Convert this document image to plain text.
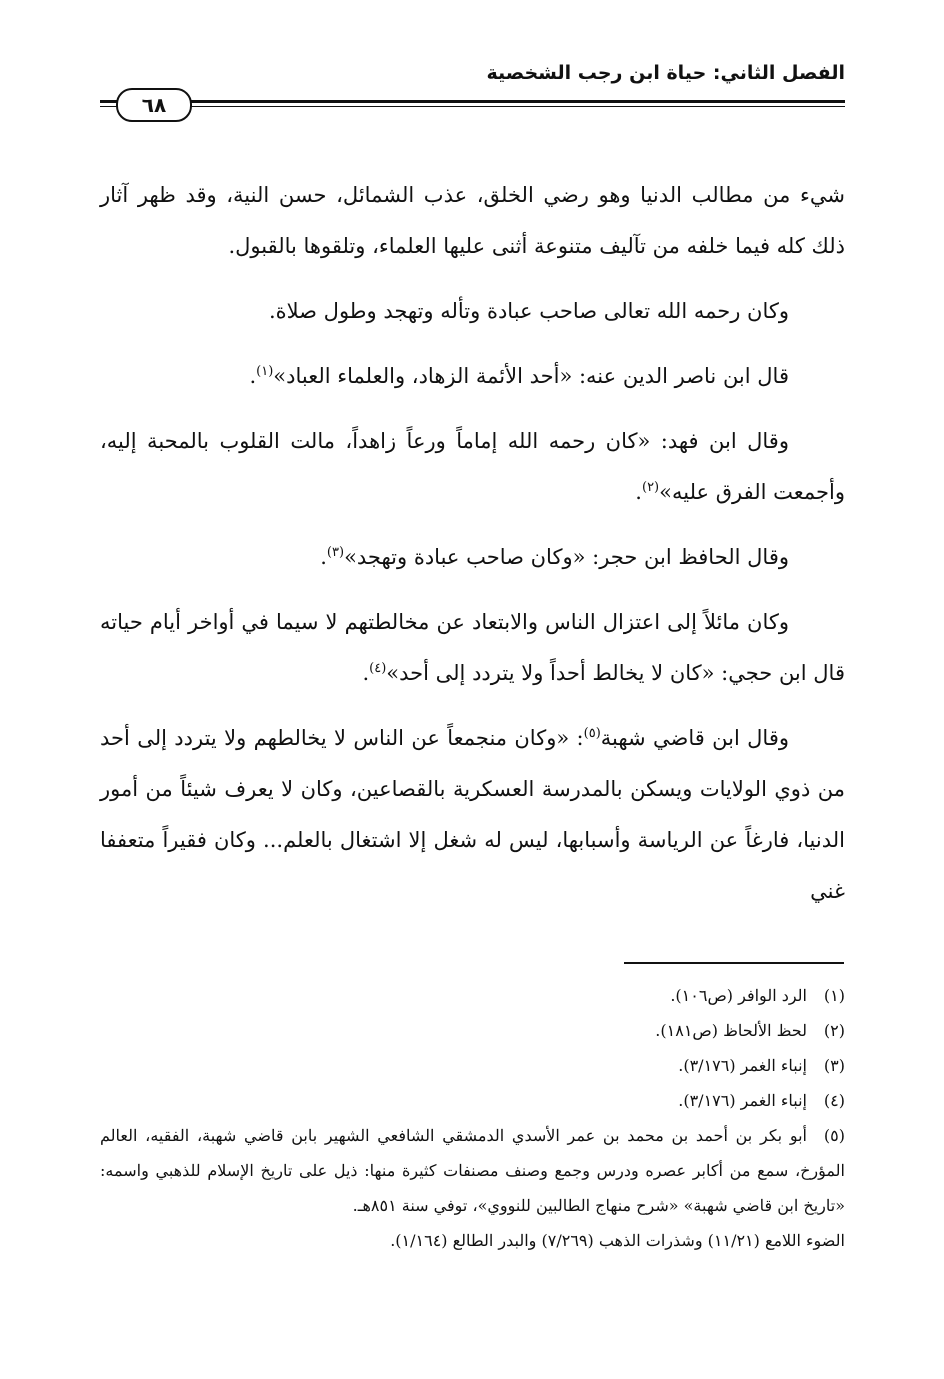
الفصل الثاني: حياة ابن رجب الشخصية
٦٨

شيء من مطالب الدنيا وهو رضي الخلق، عذب الشمائل، حسن النية، وقد ظهر آثار ذلك كله فيما خلفه من تآليف متنوعة أثنى عليها العلماء، وتلقوها بالقبول.

وكان رحمه الله تعالى صاحب عبادة وتأله وتهجد وطول صلاة.

قال ابن ناصر الدين عنه: «أحد الأئمة الزهاد، والعلماء العباد»$^{(١)}$.

وقال ابن فهد: «كان رحمه الله إماماً ورعاً زاهداً، مالت القلوب بالمحبة إليه، وأجمعت الفرق عليه»$^{(٢)}$.

وقال الحافظ ابن حجر: «وكان صاحب عبادة وتهجد»$^{(٣)}$.

وكان مائلاً إلى اعتزال الناس والابتعاد عن مخالطتهم لا سيما في أواخر أيام حياته قال ابن حجي: «كان لا يخالط أحداً ولا يتردد إلى أحد»$^{(٤)}$.

وقال ابن قاضي شهبة$^{(٥)}$: «وكان منجمعاً عن الناس لا يخالطهم ولا يتردد إلى أحد من ذوي الولايات ويسكن بالمدرسة العسكرية بالقصاعين، وكان لا يعرف شيئاً من أمور الدنيا، فارغاً عن الرياسة وأسبابها، ليس له شغل إلا اشتغال بالعلم... وكان فقيراً متعففا غني

(١)الرد الوافر (ص١٠٦).

(٢)لحظ الألحاظ (ص١٨١).

(٣)إنباء الغمر (٣/١٧٦).

(٤)إنباء الغمر (٣/١٧٦).

(٥)أبو بكر بن أحمد بن محمد بن عمر الأسدي الدمشقي الشافعي الشهير بابن قاضي شهبة، الفقيه، العالم المؤرخ، سمع من أكابر عصره ودرس وجمع وصنف مصنفات كثيرة منها: ذيل على تاريخ الإسلام للذهبي واسمه: «تاريخ ابن قاضي شهبة» «شرح منهاج الطالبين للنووي»، توفي سنة ٨٥١هـ.

الضوء اللامع (١١/٢١) وشذرات الذهب (٧/٢٦٩) والبدر الطالع (١/١٦٤).
